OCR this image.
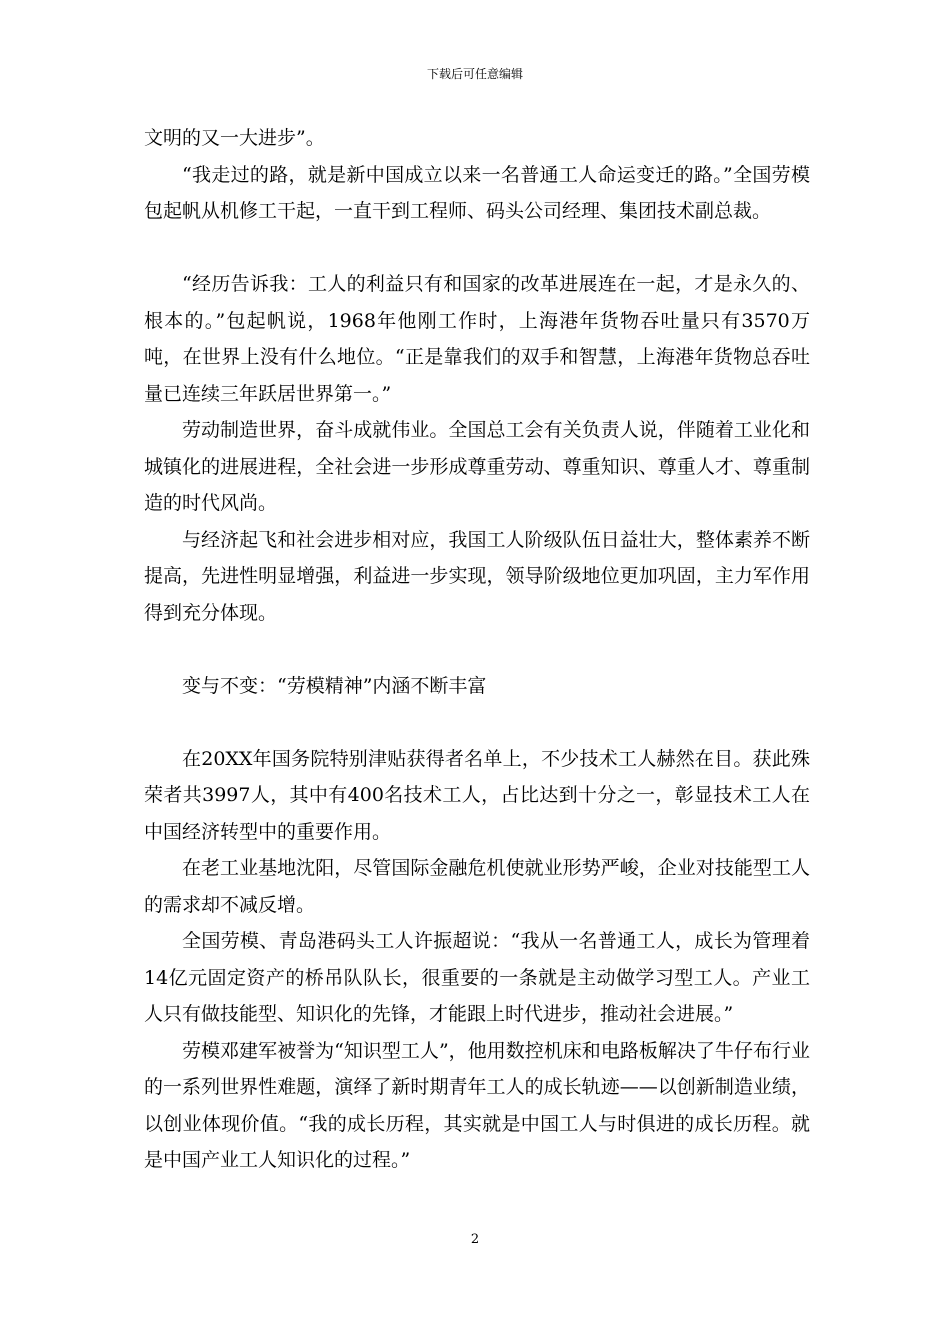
下载后可任意编辑

文明的又一大进步”。

“我走过的路，就是新中国成立以来一名普通工人命运变迁的路。”全国劳模包起帆从机修工干起，一直干到工程师、码头公司经理、集团技术副总裁。

“经历告诉我：工人的利益只有和国家的改革进展连在一起，才是永久的、根本的。”包起帆说，1968年他刚工作时，上海港年货物吞吐量只有3570万吨，在世界上没有什么地位。“正是靠我们的双手和智慧，上海港年货物总吞吐量已连续三年跃居世界第一。”

劳动制造世界，奋斗成就伟业。全国总工会有关负责人说，伴随着工业化和城镇化的进展进程，全社会进一步形成尊重劳动、尊重知识、尊重人才、尊重制造的时代风尚。

与经济起飞和社会进步相对应，我国工人阶级队伍日益壮大，整体素养不断提高，先进性明显增强，利益进一步实现，领导阶级地位更加巩固，主力军作用得到充分体现。

变与不变：“劳模精神”内涵不断丰富

在20XX年国务院特别津贴获得者名单上，不少技术工人赫然在目。获此殊荣者共3997人，其中有400名技术工人，占比达到十分之一，彰显技术工人在中国经济转型中的重要作用。

在老工业基地沈阳，尽管国际金融危机使就业形势严峻，企业对技能型工人的需求却不减反增。

全国劳模、青岛港码头工人许振超说：“我从一名普通工人，成长为管理着14亿元固定资产的桥吊队队长，很重要的一条就是主动做学习型工人。产业工人只有做技能型、知识化的先锋，才能跟上时代进步，推动社会进展。”

劳模邓建军被誉为“知识型工人”，他用数控机床和电路板解决了牛仔布行业的一系列世界性难题，演绎了新时期青年工人的成长轨迹——以创新制造业绩，以创业体现价值。“我的成长历程，其实就是中国工人与时俱进的成长历程。就是中国产业工人知识化的过程。”

2
